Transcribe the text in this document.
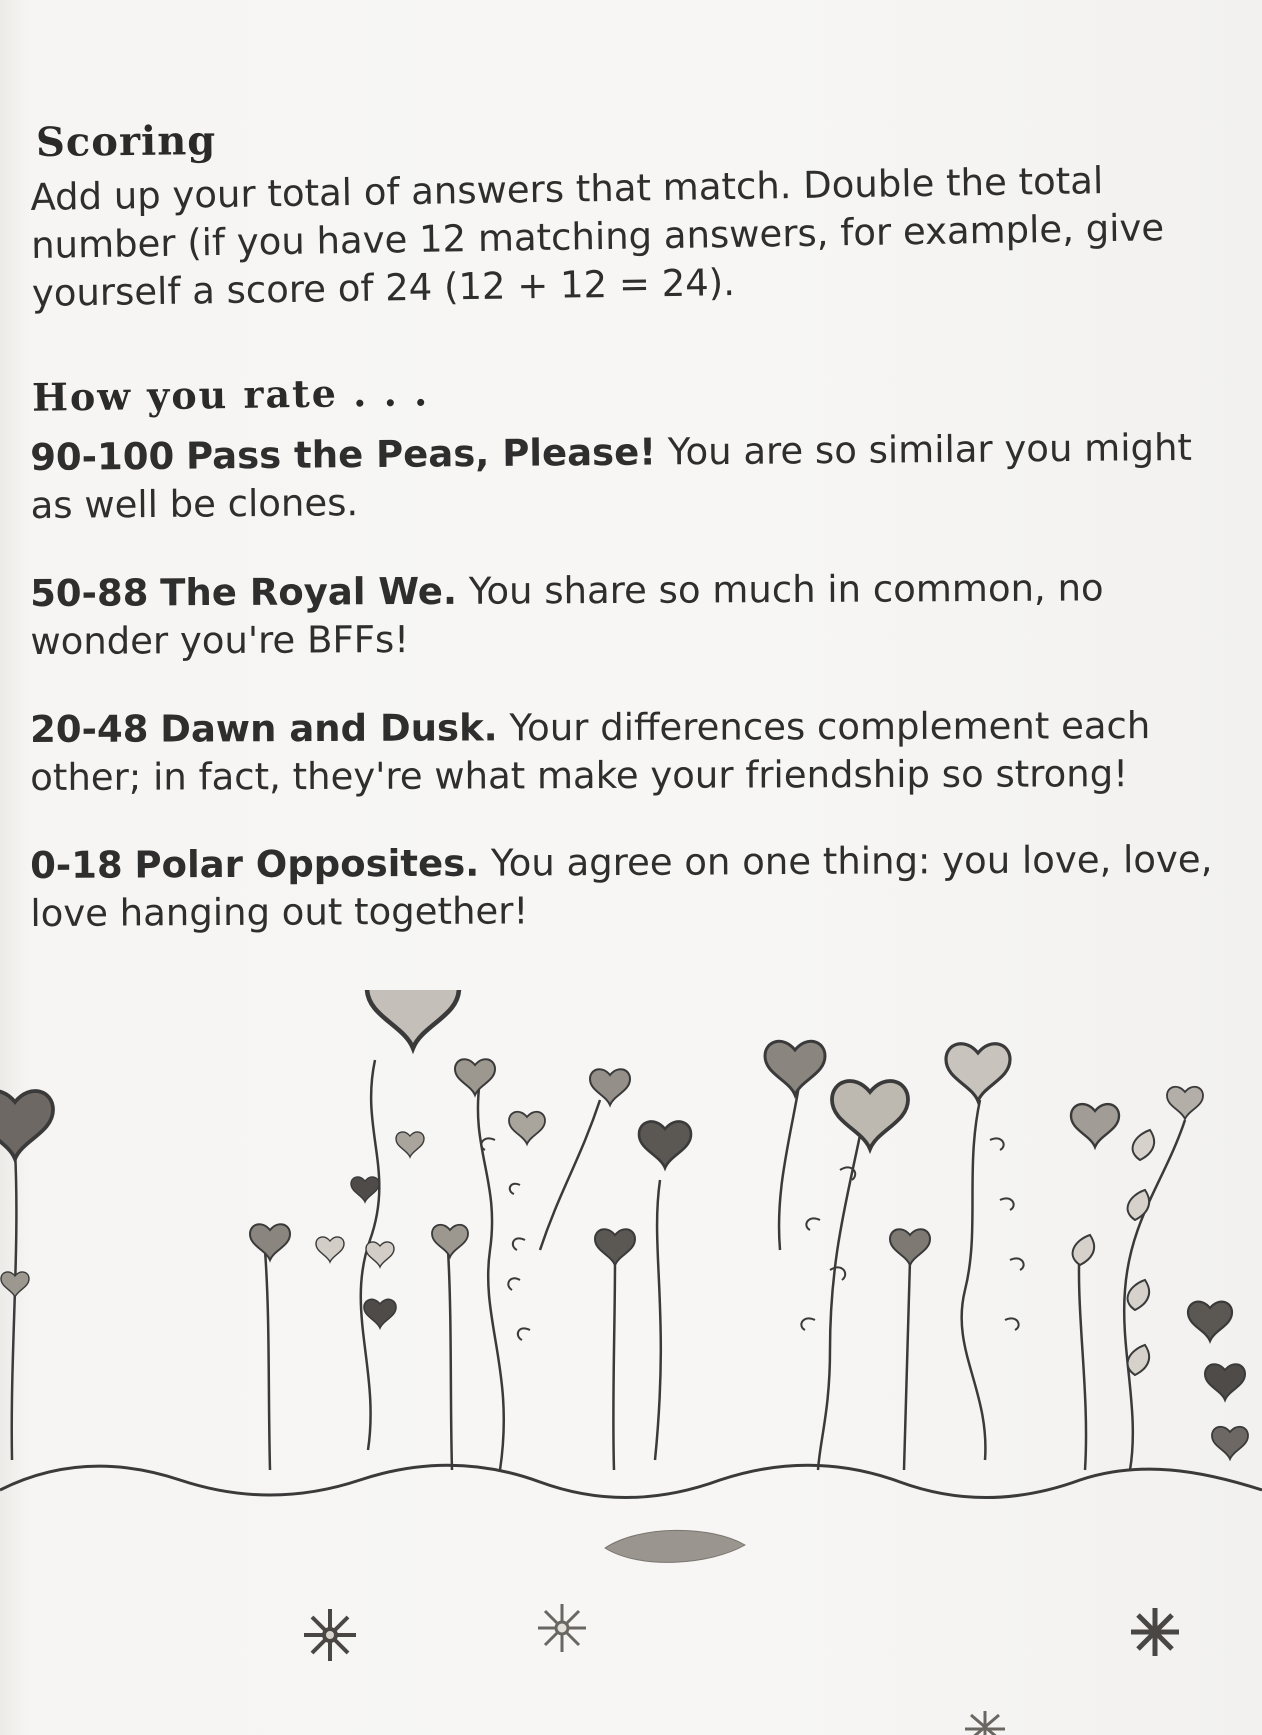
Scoring
Add up your total of answers that match. Double the total number (if you have 12 matching answers, for example, give yourself a score of 24 (12 + 12 = 24).
How you rate . . .
90-100 Pass the Peas, Please! You are so similar you might as well be clones.
50-88 The Royal We. You share so much in common, no wonder you're BFFs!
20-48 Dawn and Dusk. Your differences complement each other; in fact, they're what make your friendship so strong!
0-18 Polar Opposites. You agree on one thing: you love, love, love hanging out together!
